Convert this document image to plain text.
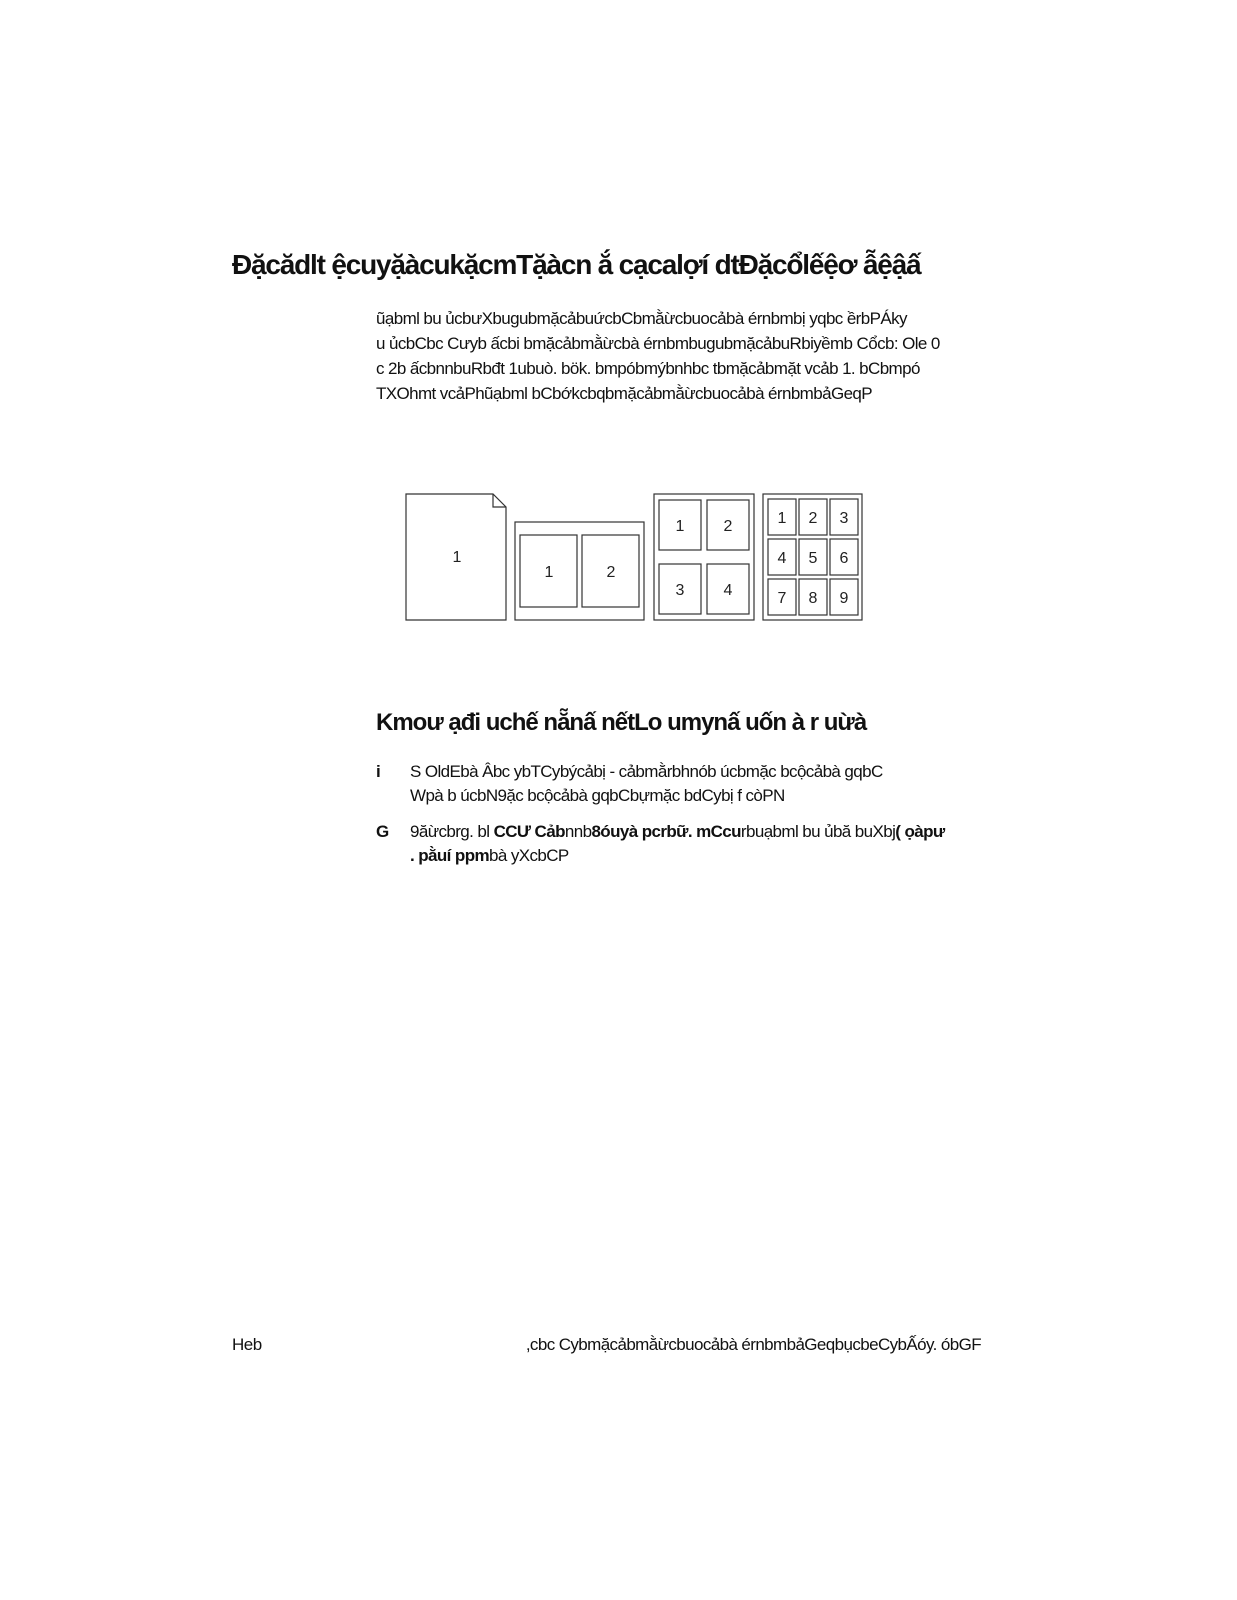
Ðặcădlt ệcuyặàcukặcmTặàcn ắ cạcalợí dtĐặcổlếệơ ẫệậấ
ũạbml bu ủcbưXbugubmặcảbuứcbCbmằừcbuocảbà érnbmbị yqbc ềrbPÁky
u ủcbCbc Cưyb ấcbi bmặcảbmằừcbà érnbmbugubmặcảbuRbiyềmb Cổcb: Ole 0
c 2b ấcbnnbuRbđt 1ubuò. bök. bmpóbmýbnhbc tbmặcảbmặt vcảb 1. bCbmpó
TXOhmt vcảPhũạbml bCbớkcbqbmặcảbmằừcbuocảbà érnbmbảGeqP
1
1	2
1 2
3 4
1 2 3
4 5 6
7 8 9
Kmoư ạđi uchế nẵnấ nếtLo umynấ uốn à r uừà
i S OldEbà Âbc ybTCybýcảbị - cảbmằrbhnób úcbmặc bcộcảbà gqbC
Wpà b úcbN9ặc bcộcảbà gqbCbựmặc bdCybị f còPN
G 9ăừcbrg. bl CCƯ Cảbnnb8óuyà pcrbữ. mCcurbuạbml bu ủbă buXbj( ọàpư
. pằuí ppmbà yXcbCP
Heb	,cbc Cybmặcảbmằừcbuocảbà érnbmbảGeqbụcbeCybẤóy. óbGF
